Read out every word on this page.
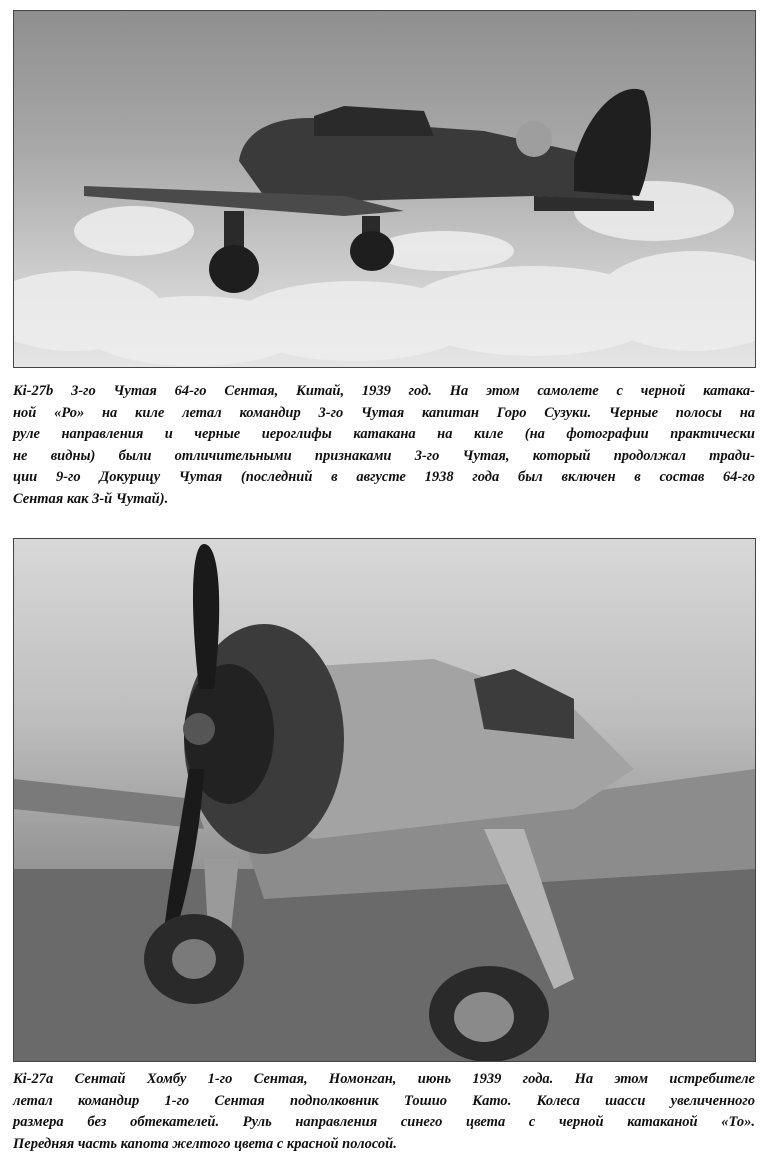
Ki-27b 3-го Чутая 64-го Сентая, Китай, 1939 год. На этом самолете с черной катака-
ной «Ро» на киле летал командир 3-го Чутая капитан Горо Сузуки. Черные полосы на
руле направления и черные иероглифы катакана на киле (на фотографии практически
не видны) были отличительными признаками 3-го Чутая, который продолжал тради-
ции 9-го Докурицу Чутая (последний в августе 1938 года был включен в состав 64-го
Сентая как 3-й Чутай).

Ki-27a Сентай Хомбу 1-го Сентая, Номонган, июнь 1939 года. На этом истребителе
летал командир 1-го Сентая подполковник Тошио Като. Колеса шасси увеличенного
размера без обтекателей. Руль направления синего цвета с черной катаканой «То».
Передняя часть капота желтого цвета с красной полосой.
